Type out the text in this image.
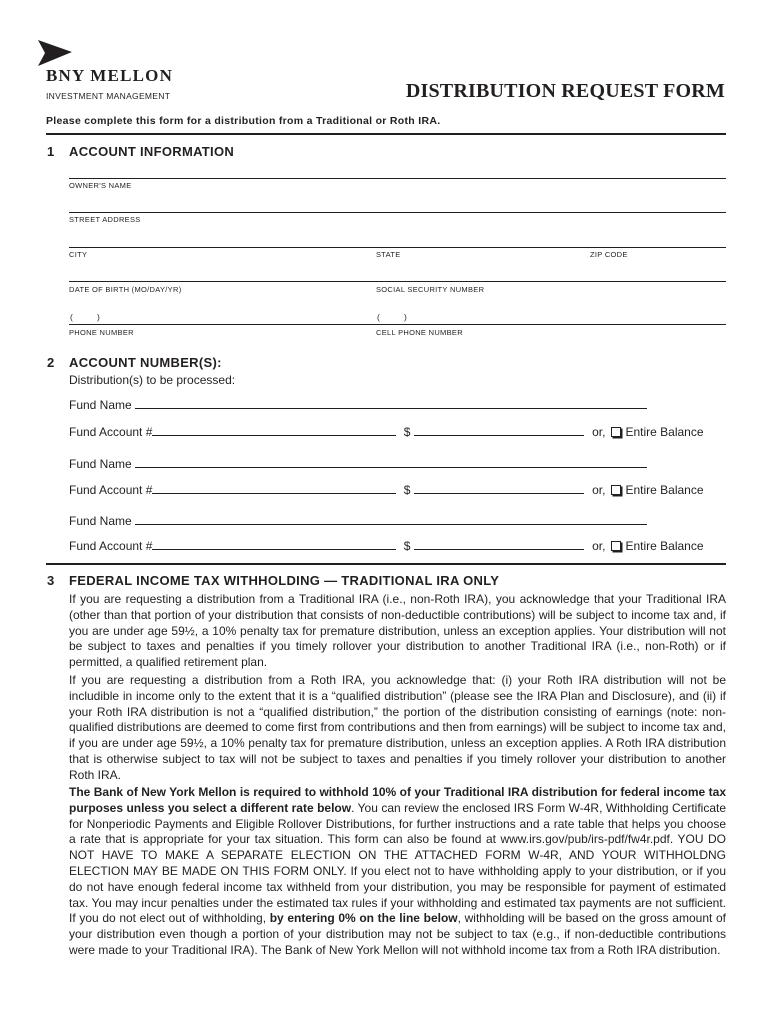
BNY MELLON
INVESTMENT MANAGEMENT	DISTRIBUTION REQUEST FORM
Please complete this form for a distribution from a Traditional or Roth IRA.
1 ACCOUNT INFORMATION
OWNER'S NAME
STREET ADDRESS
CITY	STATE	ZIP CODE
DATE OF BIRTH (MO/DAY/YR)	SOCIAL SECURITY NUMBER
(	)	(	)
PHONE NUMBER	CELL PHONE NUMBER
2 ACCOUNT NUMBER(S):
Distribution(s) to be processed:
Fund Name
Fund Account #	$	or, Entire Balance
Fund Name
Fund Account #	$	or, Entire Balance
Fund Name
Fund Account #	$	or, Entire Balance
3 FEDERAL INCOME TAX WITHHOLDING — TRADITIONAL IRA ONLY

If you are requesting a distribution from a Traditional IRA (i.e., non-Roth IRA), you acknowledge that your Traditional IRA (other than that portion of your distribution that consists of non-deductible contributions) will be subject to income tax and, if you are under age 59½, a 10% penalty tax for premature distribution, unless an exception applies. Your distribution will not be subject to taxes and penalties if you timely rollover your distribution to another Traditional IRA (i.e., non-Roth) or if permitted, a qualified retirement plan.

If you are requesting a distribution from a Roth IRA, you acknowledge that: (i) your Roth IRA distribution will not be includible in income only to the extent that it is a “qualified distribution” (please see the IRA Plan and Disclosure), and (ii) if your Roth IRA distribution is not a “qualified distribution,” the portion of the distribution consisting of earnings (note: non-qualified distributions are deemed to come first from contributions and then from earnings) will be subject to income tax and, if you are under age 59½, a 10% penalty tax for premature distribution, unless an exception applies. A Roth IRA distribution that is otherwise subject to tax will not be subject to taxes and penalties if you timely rollover your distribution to another Roth IRA.

The Bank of New York Mellon is required to withhold 10% of your Traditional IRA distribution for federal income tax purposes unless you select a different rate below. You can review the enclosed IRS Form W-4R, Withholding Certificate for Nonperiodic Payments and Eligible Rollover Distributions, for further instructions and a rate table that helps you choose a rate that is appropriate for your tax situation. This form can also be found at www.irs.gov/pub/irs-pdf/fw4r.pdf. YOU DO NOT HAVE TO MAKE A SEPARATE ELECTION ON THE ATTACHED FORM W-4R, AND YOUR WITHHOLDNG ELECTION MAY BE MADE ON THIS FORM ONLY. If you elect not to have withholding apply to your distribution, or if you do not have enough federal income tax withheld from your distribution, you may be responsible for payment of estimated tax. You may incur penalties under the estimated tax rules if your withholding and estimated tax payments are not sufficient. If you do not elect out of withholding, by entering 0% on the line below, withholding will be based on the gross amount of your distribution even though a portion of your distribution may not be subject to tax (e.g., if non-deductible contributions were made to your Traditional IRA). The Bank of New York Mellon will not withhold income tax from a Roth IRA distribution.
